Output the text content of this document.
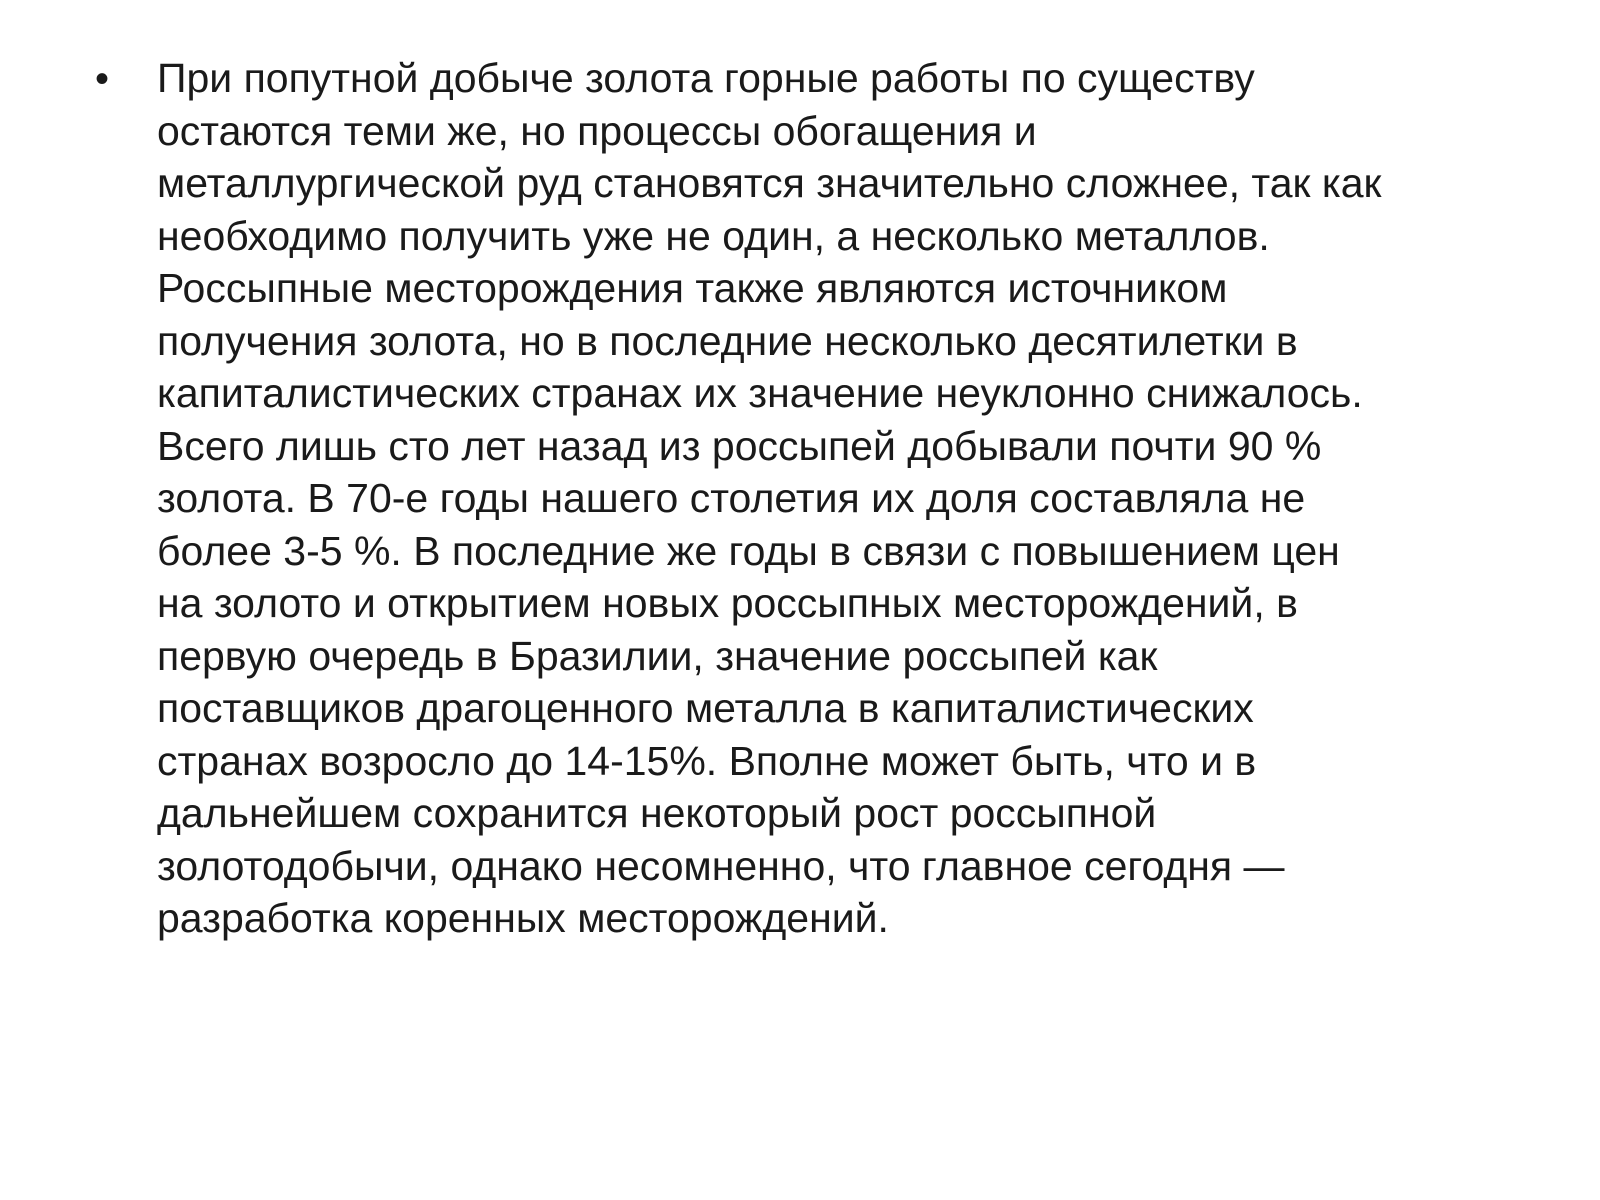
•	При попутной добыче золота горные работы по существу
остаются теми же, но процессы обогащения и
металлургической руд становятся значительно сложнее, так как
необходимо получить уже не один, а несколько металлов.
Россыпные месторождения также являются источником
получения золота, но в последние несколько десятилетки в
капиталистических странах их значение неуклонно снижалось.
Всего лишь сто лет назад из россыпей добывали почти 90 %
золота. В 70-е годы нашего столетия их доля составляла не
более 3-5 %. В последние же годы в связи с повышением цен
на золото и открытием новых россыпных месторождений, в
первую очередь в Бразилии, значение россыпей как
поставщиков драгоценного металла в капиталистических
странах возросло до 14-15%. Вполне может быть, что и в
дальнейшем сохранится некоторый рост россыпной
золотодобычи, однако несомненно, что главное сегодня —
разработка коренных месторождений.
